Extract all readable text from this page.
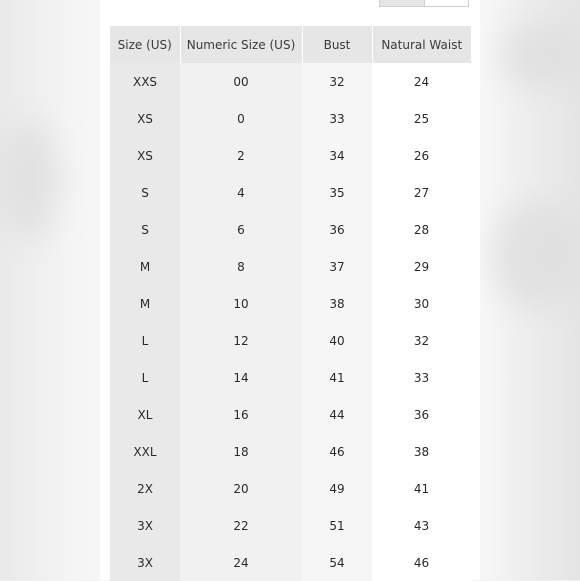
Size (US)	Numeric Size (US)	Bust	Natural Waist
XXS	00	32	24
XS	0	33	25
XS	2	34	26
S	4	35	27
S	6	36	28
M	8	37	29
M	10	38	30
L	12	40	32
L	14	41	33
XL	16	44	36
XXL	18	46	38
2X	20	49	41
3X	22	51	43
3X	24	54	46
